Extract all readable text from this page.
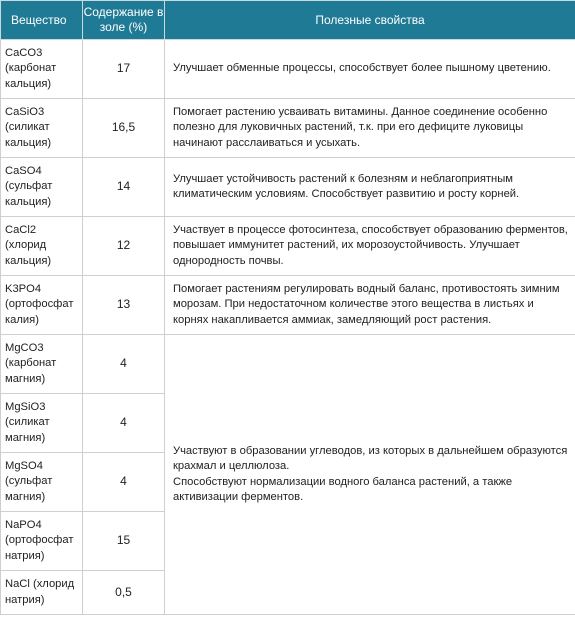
Вещество	Содержание в золе (%)	Полезные свойства
CaCO3
(карбонат
кальция)	17	Улучшает обменные процессы, способствует более пышному цветению.
CaSiO3
(силикат
кальция)	16,5	Помогает растению усваивать витамины. Данное соединение особенно полезно для луковичных растений, т.к. при его дефиците луковицы начинают расслаиваться и усыхать.
CaSO4
(сульфат
кальция)	14	Улучшает устойчивость растений к болезням и неблагоприятным климатическим условиям. Способствует развитию и росту корней.
CaCl2
(хлорид
кальция)	12	Участвует в процессе фотосинтеза, способствует образованию ферментов, повышает иммунитет растений, их морозоустойчивость. Улучшает однородность почвы.
K3PO4
(ортофосфат
калия)	13	Помогает растениям регулировать водный баланс, противостоять зимним морозам. При недостаточном количестве этого вещества в листьях и корнях накапливается аммиак, замедляющий рост растения.
MgCO3
(карбонат
магния)	4	Участвуют в образовании углеводов, из которых в дальнейшем образуются крахмал и целлюлоза.
Способствуют нормализации водного баланса растений, а также активизации ферментов.
MgSiO3
(силикат
магния)	4	
MgSO4
(сульфат
магния)	4	
NaPO4
(ортофосфат
натрия)	15	
NaCl (хлорид
натрия)	0,5	
